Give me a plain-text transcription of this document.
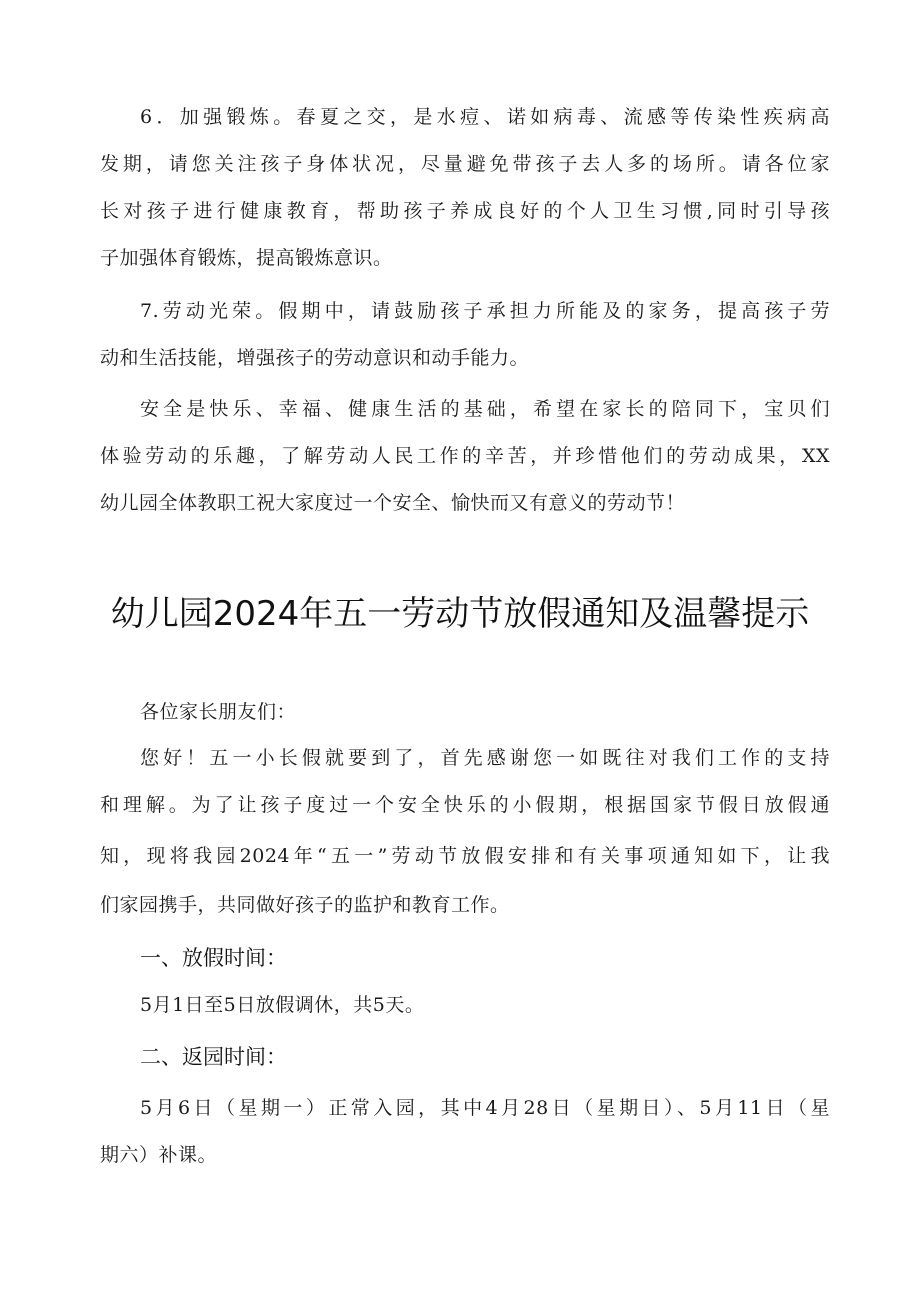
6．加强锻炼。春夏之交，是水痘、诺如病毒、流感等传染性疾病高
发期，请您关注孩子身体状况，尽量避免带孩子去人多的场所。请各位家
长对孩子进行健康教育，帮助孩子养成良好的个人卫生习惯,同时引导孩
子加强体育锻炼，提高锻炼意识。
7.劳动光荣。假期中，请鼓励孩子承担力所能及的家务，提高孩子劳
动和生活技能，增强孩子的劳动意识和动手能力。
安全是快乐、幸福、健康生活的基础，希望在家长的陪同下，宝贝们
体验劳动的乐趣，了解劳动人民工作的辛苦，并珍惜他们的劳动成果，XX
幼儿园全体教职工祝大家度过一个安全、愉快而又有意义的劳动节！
幼儿园2024年五一劳动节放假通知及温馨提示
各位家长朋友们：
您好！五一小长假就要到了，首先感谢您一如既往对我们工作的支持
和理解。为了让孩子度过一个安全快乐的小假期，根据国家节假日放假通
知，现将我园2024年“五一”劳动节放假安排和有关事项通知如下，让我
们家园携手，共同做好孩子的监护和教育工作。
一、放假时间：
5月1日至5日放假调休，共5天。
二、返园时间：
5月6日（星期一）正常入园，其中4月28日（星期日）、5月11日（星
期六）补课。
